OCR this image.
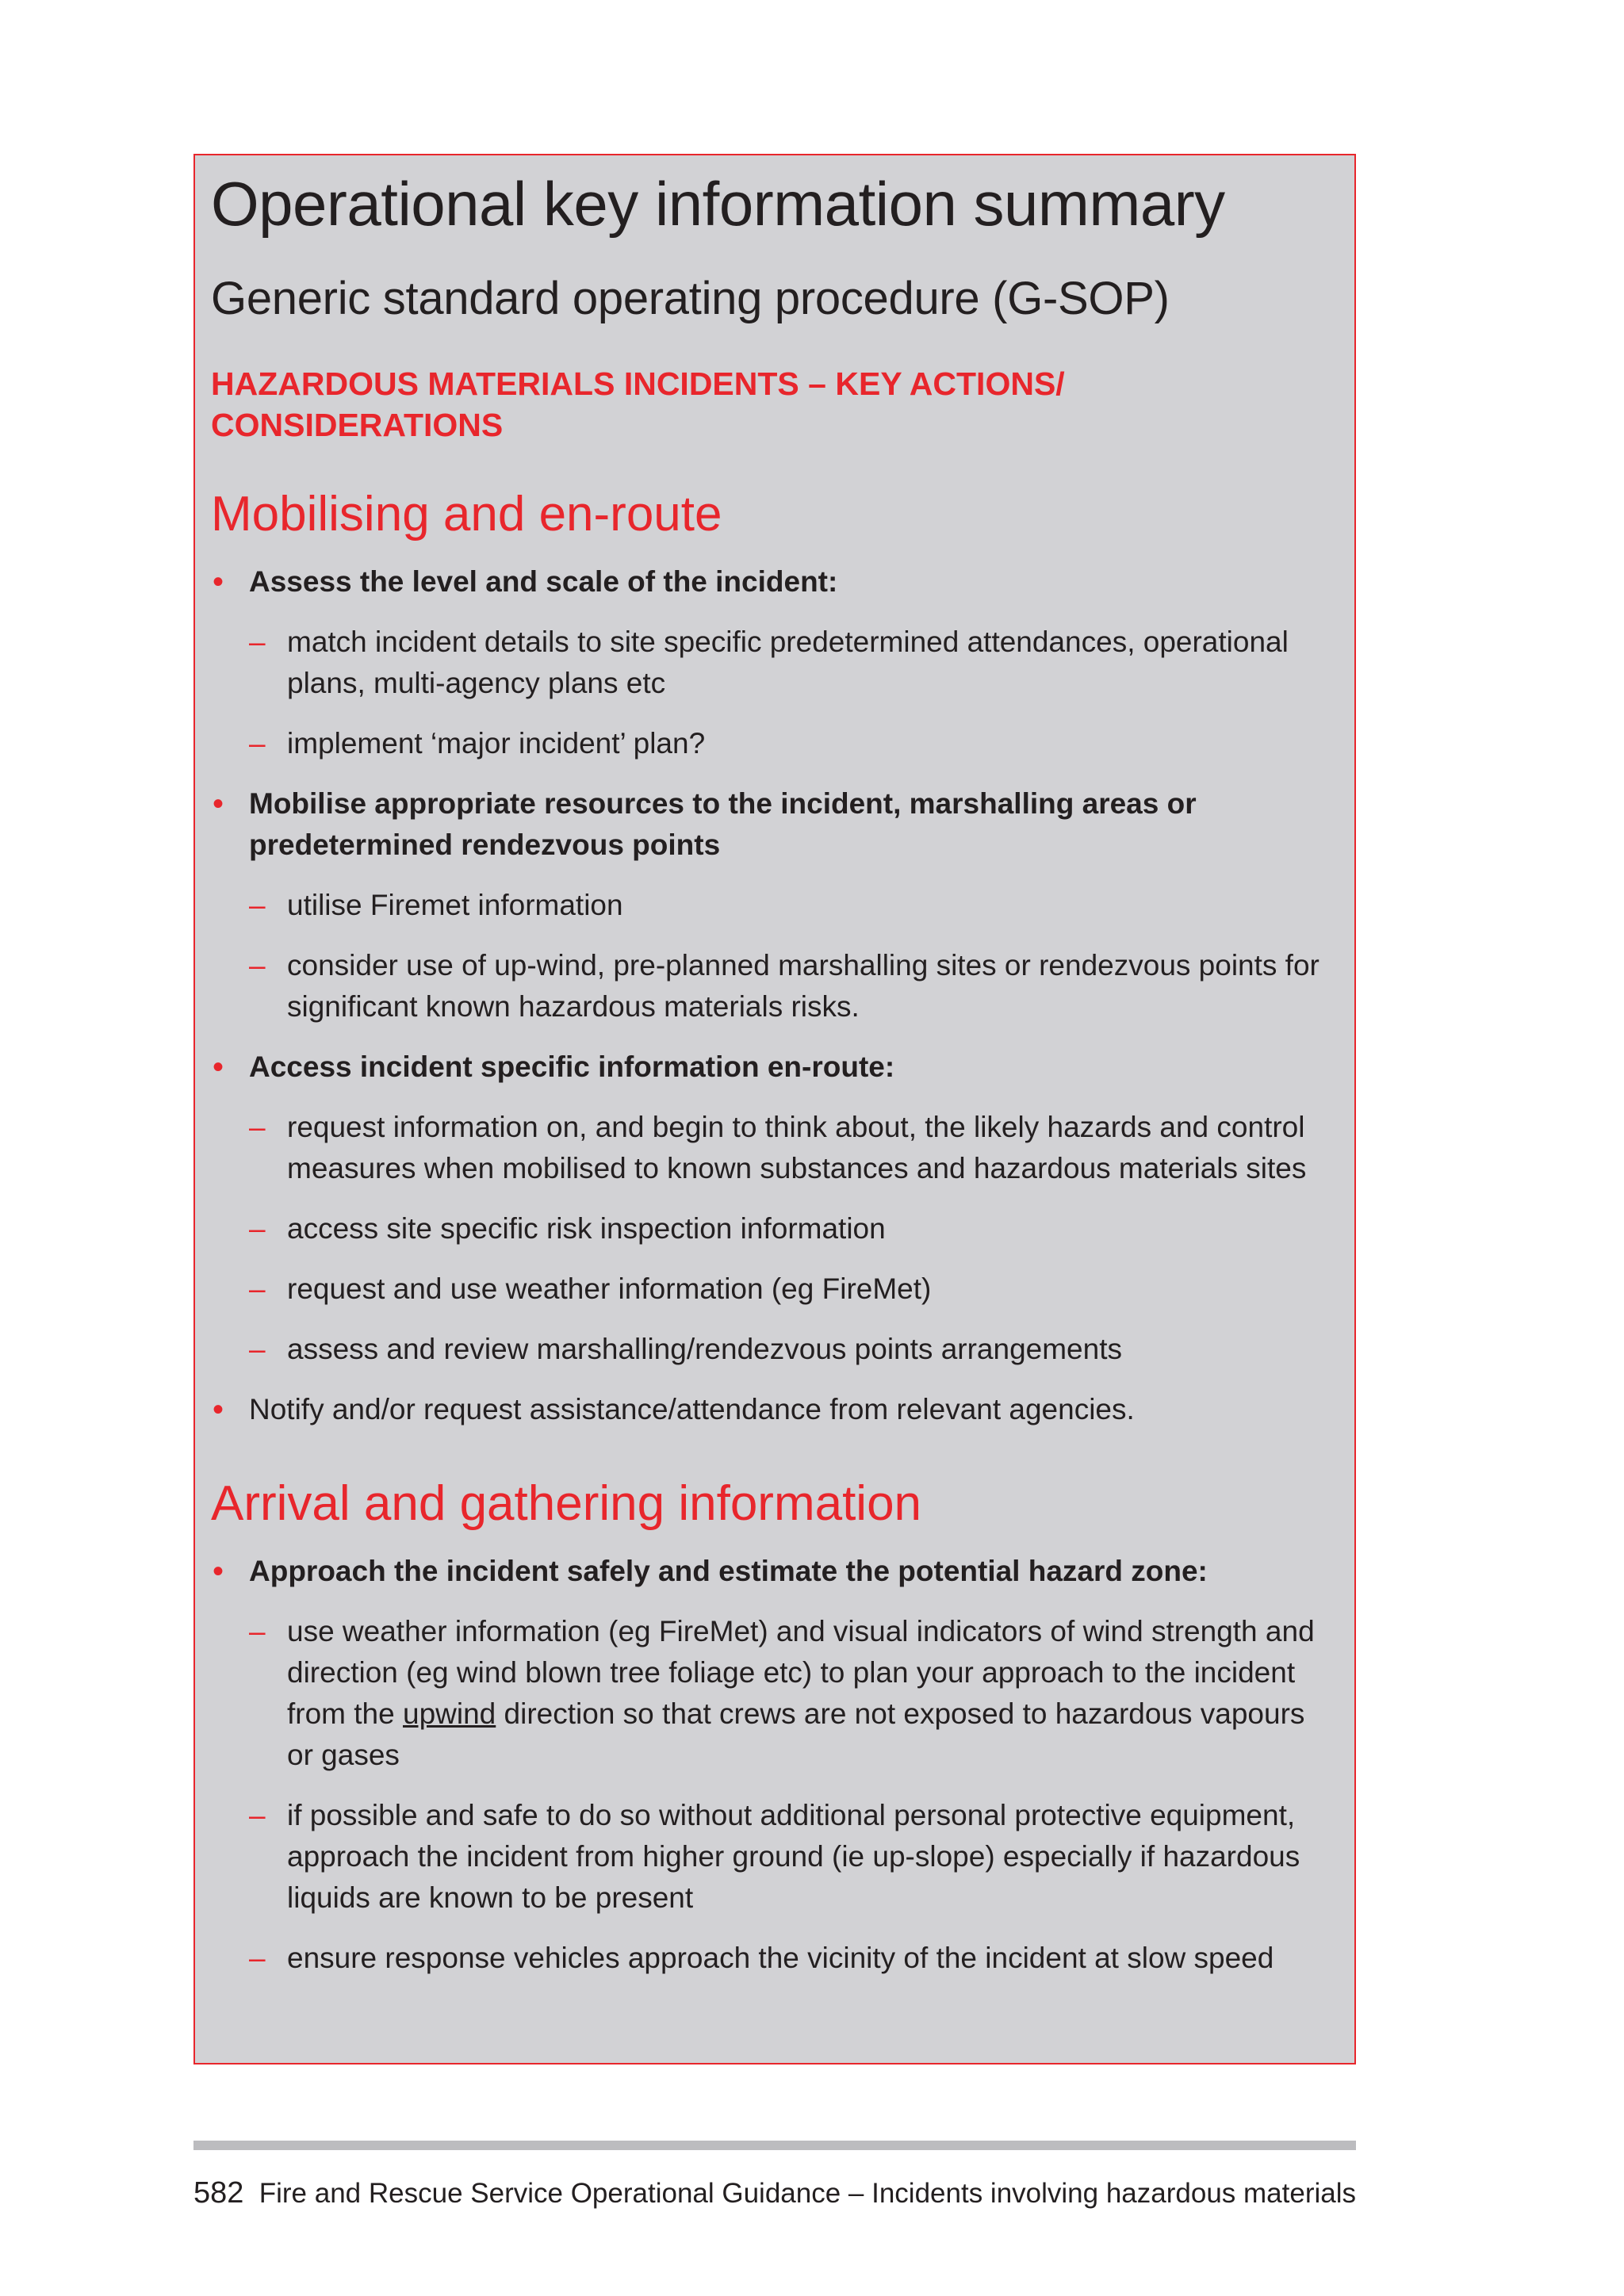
Operational key information summary
Generic standard operating procedure (G-SOP)
HAZARDOUS MATERIALS INCIDENTS – KEY ACTIONS/ CONSIDERATIONS
Mobilising and en-route
• Assess the level and scale of the incident:
– match incident details to site specific predetermined attendances, operational plans, multi-agency plans etc
– implement ‘major incident’ plan?
• Mobilise appropriate resources to the incident, marshalling areas or predetermined rendezvous points
– utilise Firemet information
– consider use of up-wind, pre-planned marshalling sites or rendezvous points for significant known hazardous materials risks.
• Access incident specific information en-route:
– request information on, and begin to think about, the likely hazards and control measures when mobilised to known substances and hazardous materials sites
– access site specific risk inspection information
– request and use weather information (eg FireMet)
– assess and review marshalling/rendezvous points arrangements
• Notify and/or request assistance/attendance from relevant agencies.
Arrival and gathering information
• Approach the incident safely and estimate the potential hazard zone:
– use weather information (eg FireMet) and visual indicators of wind strength and direction (eg wind blown tree foliage etc) to plan your approach to the incident from the upwind direction so that crews are not exposed to hazardous vapours or gases
– if possible and safe to do so without additional personal protective equipment, approach the incident from higher ground (ie up-slope) especially if hazardous liquids are known to be present
– ensure response vehicles approach the vicinity of the incident at slow speed
582 Fire and Rescue Service Operational Guidance – Incidents involving hazardous materials
